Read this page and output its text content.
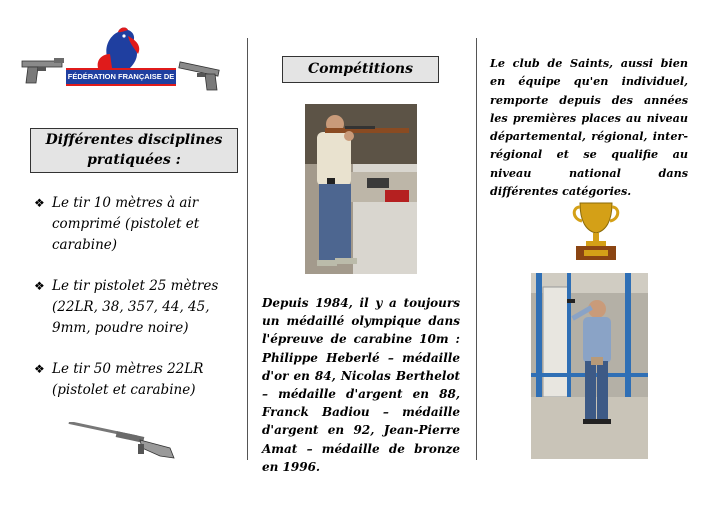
FÉDÉRATION FRANÇAISE DE TIR
Différentes disciplines pratiquées :
❖ Le tir 10 mètres à air comprimé (pistolet et carabine)
❖ Le tir pistolet 25 mètres (22LR, 38, 357, 44, 45, 9mm, poudre noire)
❖ Le tir 50 mètres 22LR (pistolet et carabine)
Compétitions
Depuis 1984, il y a toujours un médaillé olympique dans l'épreuve de carabine 10m : Philippe Heberlé – médaille d'or en 84, Nicolas Berthelot – médaille d'argent en 88, Franck Badiou – médaille d'argent en 92, Jean-Pierre Amat – médaille de bronze en 1996.
Le club de Saints, aussi bien en équipe qu'en individuel, remporte depuis des années les premières places au niveau départemental, régional, inter-régional et se qualifie au niveau national dans différentes catégories.
